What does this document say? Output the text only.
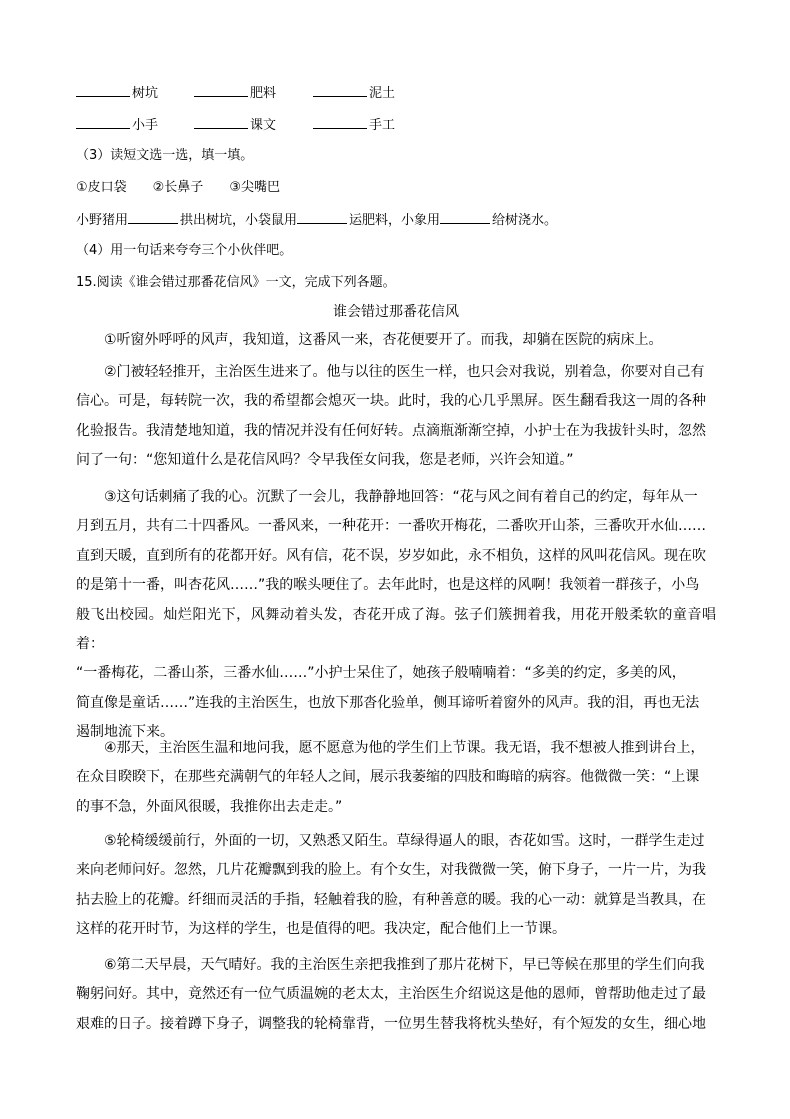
树坑	肥料	泥土
小手	课文	手工
（3）读短文选一选，填一填。
①皮口袋 ②长鼻子 ③尖嘴巴
小野猪用	拱出树坑，小袋鼠用	运肥料，小象用	给树浇水。
（4）用一句话来夸夸三个小伙伴吧。
15.阅读《谁会错过那番花信风》一文，完成下列各题。
谁会错过那番花信风
①听窗外呼呼的风声，我知道，这番风一来，杏花便要开了。而我，却躺在医院的病床上。
②门被轻轻推开，主治医生进来了。他与以往的医生一样，也只会对我说，别着急，你要对自己有
信心。可是，每转院一次，我的希望都会熄灭一块。此时，我的心几乎黑屏。医生翻看我这一周的各种
化验报告。我清楚地知道，我的情况并没有任何好转。点滴瓶渐渐空掉，小护士在为我拔针头时，忽然
问了一句：“您知道什么是花信风吗？令早我侄女问我，您是老师，兴许会知道。”
③这句话刺痛了我的心。沉默了一会儿，我静静地回答：“花与风之间有着自己的约定，每年从一
月到五月，共有二十四番风。一番风来，一种花开：一番吹开梅花，二番吹开山茶，三番吹开水仙……
直到天暖，直到所有的花都开好。风有信，花不误，岁岁如此，永不相负，这样的风叫花信风。现在吹
的是第十一番，叫杏花风……”我的喉头哽住了。去年此时，也是这样的风啊！我领着一群孩子，小鸟
般飞出校园。灿烂阳光下，风舞动着头发，杏花开成了海。弦子们簇拥着我，用花开般柔软的童音唱着：
“一番梅花，二番山茶，三番水仙……”小护士呆住了，她孩子般喃喃着：“多美的约定，多美的风，
简直像是童话……”连我的主治医生，也放下那沓化验单，侧耳谛听着窗外的风声。我的泪，再也无法
遏制地流下来。
④那天，主治医生温和地问我，愿不愿意为他的学生们上节课。我无语，我不想被人推到讲台上，
在众目睽睽下，在那些充满朝气的年轻人之间，展示我萎缩的四肢和晦暗的病容。他微微一笑：“上课
的事不急，外面风很暖，我推你出去走走。”
⑤轮椅缓缓前行，外面的一切，又熟悉又陌生。草绿得逼人的眼，杏花如雪。这时，一群学生走过
来向老师问好。忽然，几片花瓣飘到我的脸上。有个女生，对我微微一笑，俯下身子，一片一片，为我
拈去脸上的花瓣。纤细而灵活的手指，轻触着我的脸，有种善意的暖。我的心一动：就算是当教具，在
这样的花开时节，为这样的学生，也是值得的吧。我决定，配合他们上一节课。
⑥第二天早晨，天气晴好。我的主治医生亲把我推到了那片花树下，早已等候在那里的学生们向我
鞠躬问好。其中，竟然还有一位气质温婉的老太太，主治医生介绍说这是他的恩师，曾帮助他走过了最
艰难的日子。接着蹲下身子，调整我的轮椅靠背，一位男生替我将枕头垫好，有个短发的女生，细心地
